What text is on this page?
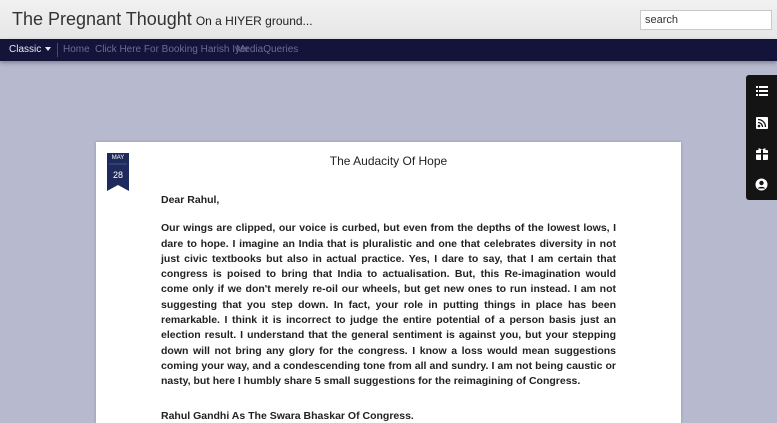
The Pregnant Thought On a HIYER ground...
search
Classic	Home Click Here For Booking Harish Iyer
MediaQueries
MAY
28
The Audacity Of Hope

Dear Rahul,

Our wings are clipped, our voice is curbed, but even from the depths of the lowest lows, I dare to hope. I imagine an India that is pluralistic and one that celebrates diversity in not just civic textbooks but also in actual practice. Yes, I dare to say, that I am certain that congress is poised to bring that India to actualisation. But, this Re-imagination would come only if we don't merely re-oil our wheels, but get new ones to run instead. I am not suggesting that you step down. In fact, your role in putting things in place has been remarkable. I think it is incorrect to judge the entire potential of a person basis just an election result. I understand that the general sentiment is against you, but your stepping down will not bring any glory for the congress. I know a loss would mean suggestions coming your way, and a condescending tone from all and sundry. I am not being caustic or nasty, but here I humbly share 5 small suggestions for the reimagining of Congress.

Rahul Gandhi As The Swara Bhaskar Of Congress.
